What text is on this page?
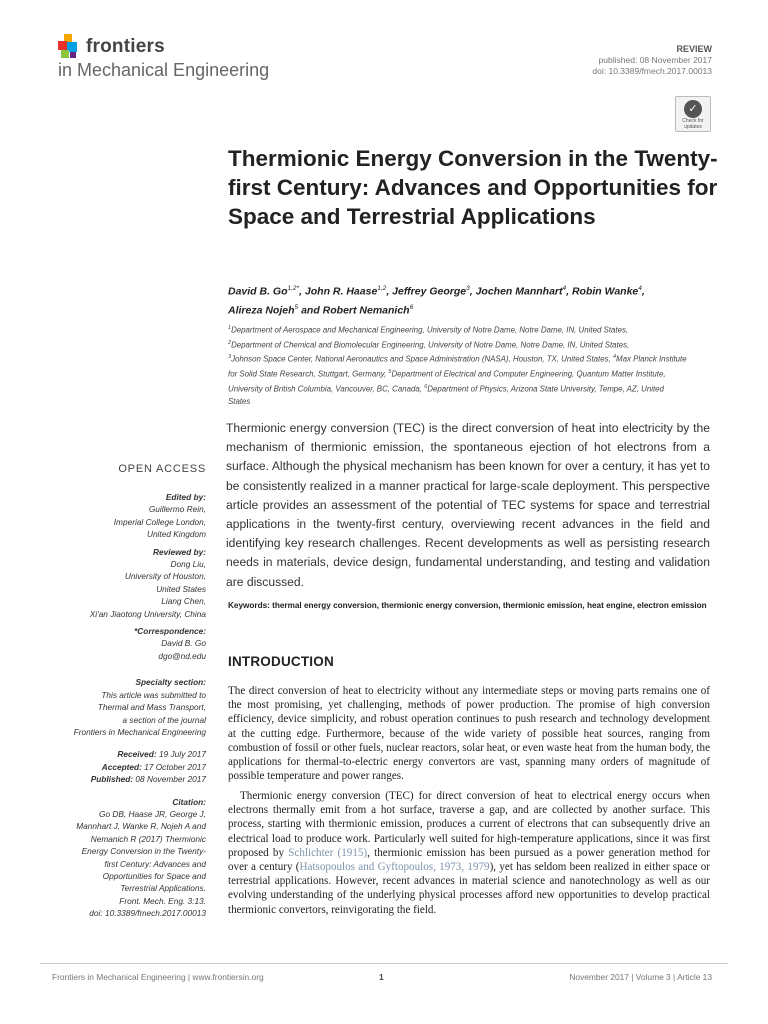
frontiers
in Mechanical Engineering
REVIEW
published: 08 November 2017
doi: 10.3389/fmech.2017.00013
✓
Check for
updates
Thermionic Energy Conversion in the Twenty-first Century: Advances and Opportunities for Space and Terrestrial Applications
David B. $Go^{1,2*}$, John R. Haase$^{1,2}$, Jeffrey George$^3$, Jochen Mannhart$^4$, Robin Wanke$^4$,
Alireza Nojeh$^5$ and Robert Nemanich$^6$
$^1$Department of Aerospace and Mechanical Engineering, University of Notre Dame, Notre Dame, IN, United States,
$^2$Department of Chemical and Biomolecular Engineering, University of Notre Dame, Notre Dame, IN, United States,
$^3$Johnson Space Center, National Aeronautics and Space Administration (NASA), Houston, TX, United States, $^4$Max Planck Institute for Solid State Research, Stuttgart, Germany, $^5$Department of Electrical and Computer Engineering, Quantum Matter Institute, University of British Columbia, Vancouver, BC, Canada, $^6$Department of Physics, Arizona State University, Tempe, AZ, United States
Thermionic energy conversion (TEC) is the direct conversion of heat into electricity by the mechanism of thermionic emission, the spontaneous ejection of hot electrons from a surface. Although the physical mechanism has been known for over a century, it has yet to be consistently realized in a manner practical for large-scale deployment. This perspective article provides an assessment of the potential of TEC systems for space and terrestrial applications in the twenty-first century, overviewing recent advances in the field and identifying key research challenges. Recent developments as well as persisting research needs in materials, device design, fundamental understanding, and testing and validation are discussed.
Keywords: thermal energy conversion, thermionic energy conversion, thermionic emission, heat engine, electron emission
OPEN ACCESS
Edited by:
Guillermo Rein,
Imperial College London,
United Kingdom
Reviewed by:
Dong Liu,
University of Houston,
United States
Liang Chen,
Xi'an Jiaotong University, China
*Correspondence:
David B. Go
dgo@nd.edu
Specialty section:
This article was submitted to
Thermal and Mass Transport,
a section of the journal
Frontiers in Mechanical Engineering
Received: 19 July 2017
Accepted: 17 October 2017
Published: 08 November 2017
Citation:
Go DB, Haase JR, George J,
Mannhart J, Wanke R, Nojeh A and
Nemanich R (2017) Thermionic
Energy Conversion in the Twenty-
first Century: Advances and
Opportunities for Space and
Terrestrial Applications.
Front. Mech. Eng. 3:13.
doi: 10.3389/fmech.2017.00013
INTRODUCTION
The direct conversion of heat to electricity without any intermediate steps or moving parts remains one of the most promising, yet challenging, methods of power production. The promise of high conversion efficiency, device simplicity, and robust operation continues to push research and technology development at the cutting edge. Furthermore, because of the wide variety of possible heat sources, ranging from combustion of fossil or other fuels, nuclear reactors, solar heat, or even waste heat from the human body, the applications for thermal-to-electric energy convertors are vast, spanning many orders of magnitude of possible temperature and power ranges.
Thermionic energy conversion (TEC) for direct conversion of heat to electrical energy occurs when electrons thermally emit from a hot surface, traverse a gap, and are collected by another surface. This process, starting with thermionic emission, produces a current of electrons that can subsequently drive an electrical load to produce work. Particularly well suited for high-temperature applications, since it was first proposed by Schlichter (1915), thermionic emission has been pursued as a power generation method for over a century (Hatsopoulos and Gyftopoulos, 1973, 1979), yet has seldom been realized in either space or terrestrial applications. However, recent advances in material science and nanotechnology as well as our evolving understanding of the underlying physical processes afford new opportunities to develop practical thermionic convertors, reinvigorating the field.
Frontiers in Mechanical Engineering | www.frontiersin.org	1	November 2017 | Volume 3 | Article 13
